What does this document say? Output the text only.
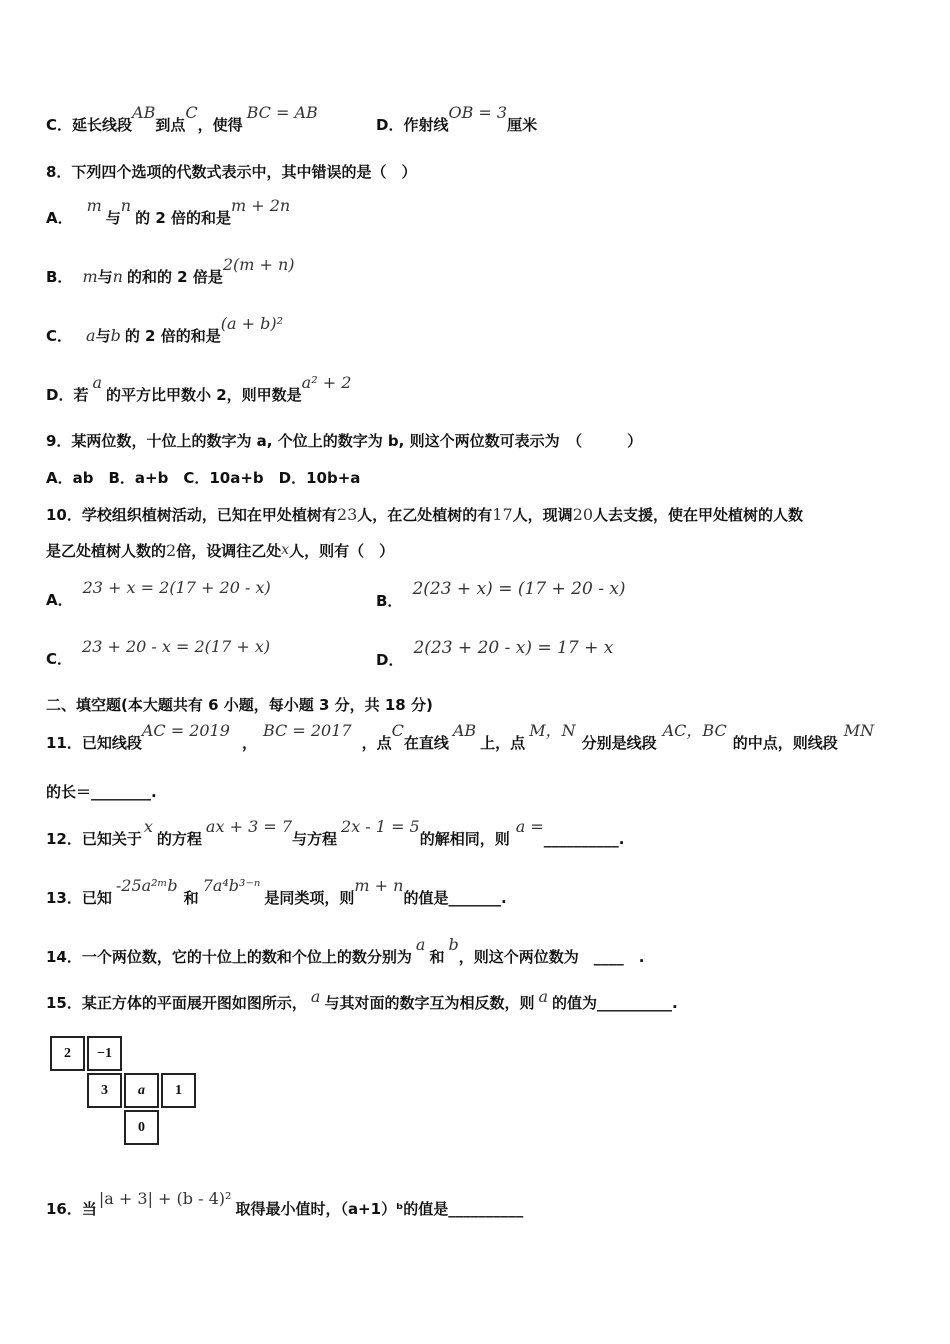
C．延长线段AB到点C，使得BC = AB
D．作射线OB = 3厘米
8．下列四个选项的代数式表示中，其中错误的是（　）
A．m与n的 2 倍的和是m + 2n
B． m与n 的和的 2 倍是2(m + n)
C． a与b 的 2 倍的和是(a + b)²
D．若a的平方比甲数小 2，则甲数是a² + 2
9．某两位数，十位上的数字为 a, 个位上的数字为 b, 则这个两位数可表示为　（　　　）
A．ab　B．a+b　C．10a+b　D．10b+a
10．学校组织植树活动，已知在甲处植树有23人，在乙处植树的有17人，现调20人去支援，使在甲处植树的人数
是乙处植树人数的2倍，设调往乙处x人，则有（　）
A．23 + x = 2(17 + 20 - x)
B．2(23 + x) = (17 + 20 - x)
C．23 + 20 - x = 2(17 + x)
D．2(23 + 20 - x) = 17 + x
二、填空题(本大题共有 6 小题，每小题 3 分，共 18 分)
11．已知线段AC = 2019，BC = 2017，点C在直线AB上，点M，N分别是线段AC，BC的中点，则线段MN
的长＝________.
12．已知关于x的方程ax + 3 = 7与方程2x - 1 = 5的解相同，则a =__________.
13．已知-25a²ᵐb和7a⁴b³⁻ⁿ是同类项，则m + n的值是_______.
14．一个两位数，它的十位上的数和个位上的数分别为a和b，则这个两位数为　____　.
15．某正方体的平面展开图如图所示， a 与其对面的数字互为相反数，则 a 的值为__________.
2	−1
3	a	1
0
16．当|a + 3| + (b - 4)²取得最小值时，（a+1）ᵇ的值是__________
